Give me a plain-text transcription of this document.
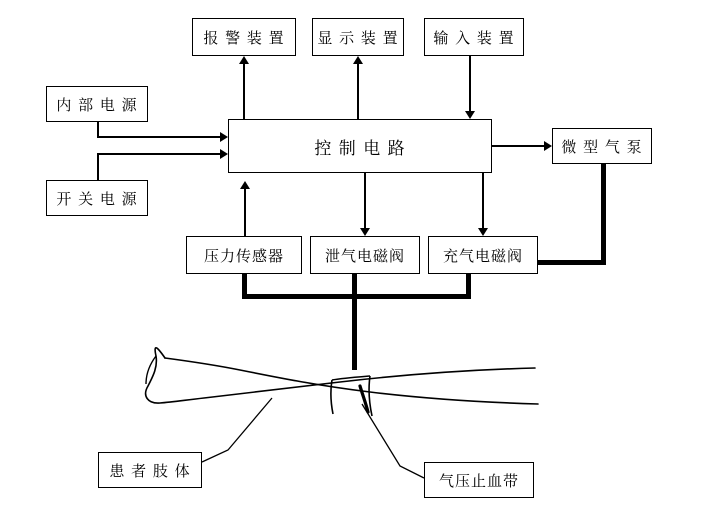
报 警 装 置 显 示 装 置 输 入 装 置
内 部 电 源
开 关 电 源
控 制 电 路	微 型 气 泵
压力传感器	泄气电磁阀	充气电磁阀
患 者 肢 体
气压止血带
